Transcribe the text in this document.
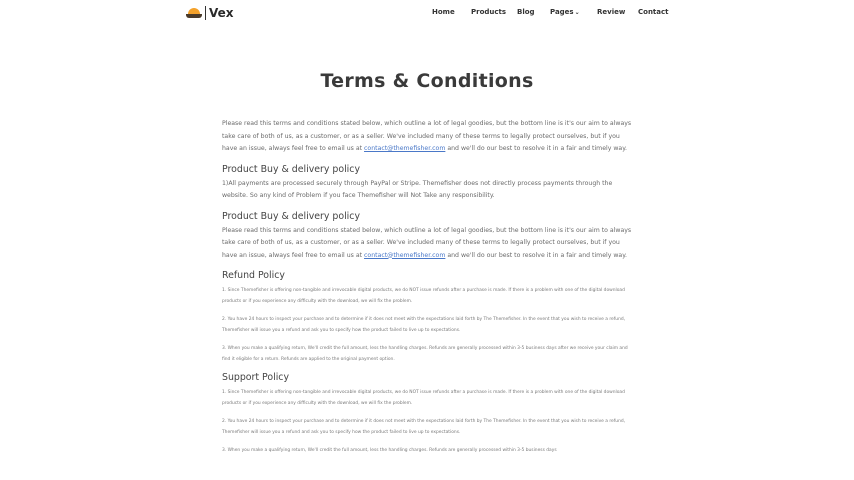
Vex	Home Products Blog Pages⌄ Review Contact
Terms & Conditions

Please read this terms and conditions stated below, which outline a lot of legal goodies, but the bottom line is it's our aim to always take care of both of us, as a customer, or as a seller. We've included many of these terms to legally protect ourselves, but if you have an issue, always feel free to email us at contact@themefisher.com and we'll do our best to resolve it in a fair and timely way.

Product Buy & delivery policy

1)All payments are processed securely through PayPal or Stripe. Themefisher does not directly process payments through the website. So any kind of Problem if you face Themefisher will Not Take any responsibility.

Product Buy & delivery policy

Please read this terms and conditions stated below, which outline a lot of legal goodies, but the bottom line is it's our aim to always take care of both of us, as a customer, or as a seller. We've included many of these terms to legally protect ourselves, but if you have an issue, always feel free to email us at contact@themefisher.com and we'll do our best to resolve it in a fair and timely way.

Refund Policy

1. Since Themefisher is offering non-tangible and irrevocable digital products, we do NOT issue refunds after a purchase is made. If there is a problem with one of the digital download products or if you experience any difficulty with the download, we will fix the problem.

2. You have 24 hours to inspect your purchase and to determine if it does not meet with the expectations laid forth by The Themefisher. In the event that you wish to receive a refund, Themefisher will issue you a refund and ask you to specify how the product failed to live up to expectations.

3. When you make a qualifying return, We'll credit the full amount, less the handling charges. Refunds are generally processed within 3-5 business days after we receive your claim and find it eligible for a return. Refunds are applied to the original payment option.

Support Policy

1. Since Themefisher is offering non-tangible and irrevocable digital products, we do NOT issue refunds after a purchase is made. If there is a problem with one of the digital download products or if you experience any difficulty with the download, we will fix the problem.

2. You have 24 hours to inspect your purchase and to determine if it does not meet with the expectations laid forth by The Themefisher. In the event that you wish to receive a refund, Themefisher will issue you a refund and ask you to specify how the product failed to live up to expectations.

3. When you make a qualifying return, We'll credit the full amount, less the handling charges. Refunds are generally processed within 3-5 business days
